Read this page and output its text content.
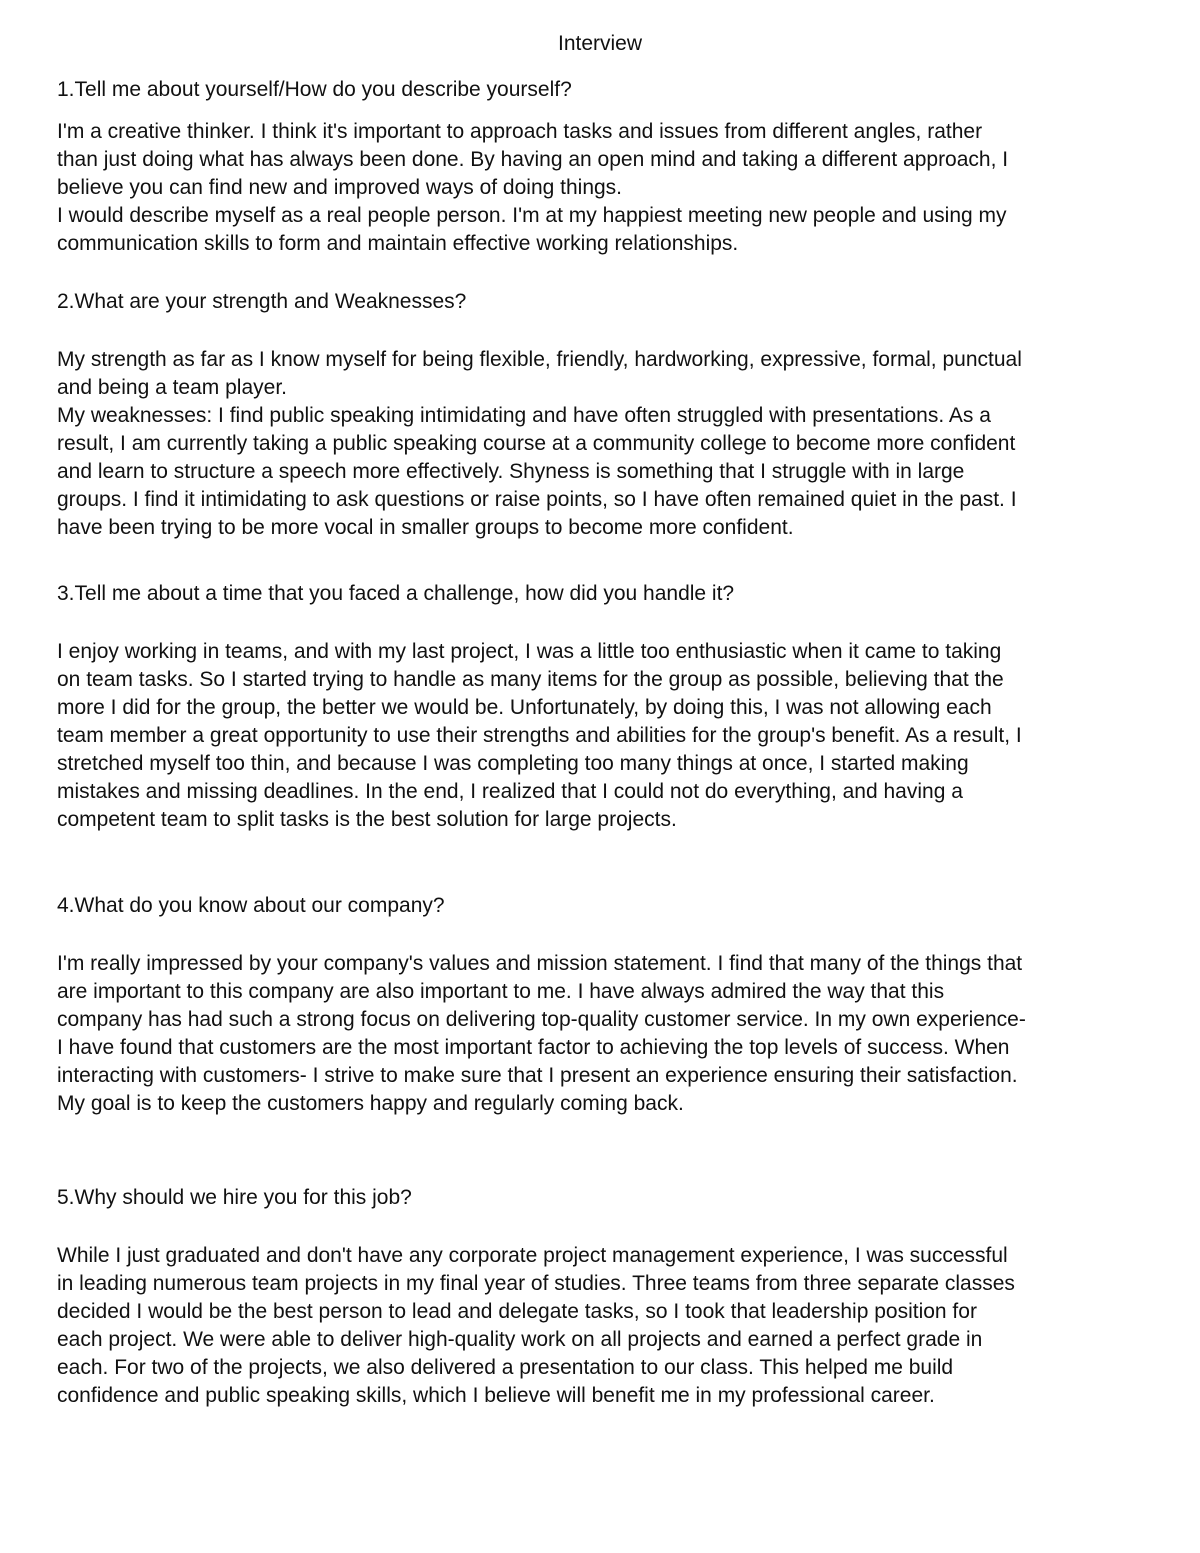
Interview
1.Tell me about yourself/How do you describe yourself?

I'm a creative thinker. I think it's important to approach tasks and issues from different angles, rather
than just doing what has always been done. By having an open mind and taking a different approach, I
believe you can find new and improved ways of doing things.
I would describe myself as a real people person. I'm at my happiest meeting new people and using my
communication skills to form and maintain effective working relationships.

2.What are your strength and Weaknesses?

My strength as far as I know myself for being flexible, friendly, hardworking, expressive, formal, punctual
and being a team player.
My weaknesses: I find public speaking intimidating and have often struggled with presentations. As a
result, I am currently taking a public speaking course at a community college to become more confident
and learn to structure a speech more effectively. Shyness is something that I struggle with in large
groups. I find it intimidating to ask questions or raise points, so I have often remained quiet in the past. I
have been trying to be more vocal in smaller groups to become more confident.

3.Tell me about a time that you faced a challenge, how did you handle it?

I enjoy working in teams, and with my last project, I was a little too enthusiastic when it came to taking
on team tasks. So I started trying to handle as many items for the group as possible, believing that the
more I did for the group, the better we would be. Unfortunately, by doing this, I was not allowing each
team member a great opportunity to use their strengths and abilities for the group's benefit. As a result, I
stretched myself too thin, and because I was completing too many things at once, I started making
mistakes and missing deadlines. In the end, I realized that I could not do everything, and having a
competent team to split tasks is the best solution for large projects.

4.What do you know about our company?

I'm really impressed by your company's values and mission statement. I find that many of the things that
are important to this company are also important to me. I have always admired the way that this
company has had such a strong focus on delivering top-quality customer service. In my own experience-
I have found that customers are the most important factor to achieving the top levels of success. When
interacting with customers- I strive to make sure that I present an experience ensuring their satisfaction.
My goal is to keep the customers happy and regularly coming back.

5.Why should we hire you for this job?

While I just graduated and don't have any corporate project management experience, I was successful
in leading numerous team projects in my final year of studies. Three teams from three separate classes
decided I would be the best person to lead and delegate tasks, so I took that leadership position for
each project. We were able to deliver high-quality work on all projects and earned a perfect grade in
each. For two of the projects, we also delivered a presentation to our class. This helped me build
confidence and public speaking skills, which I believe will benefit me in my professional career.
